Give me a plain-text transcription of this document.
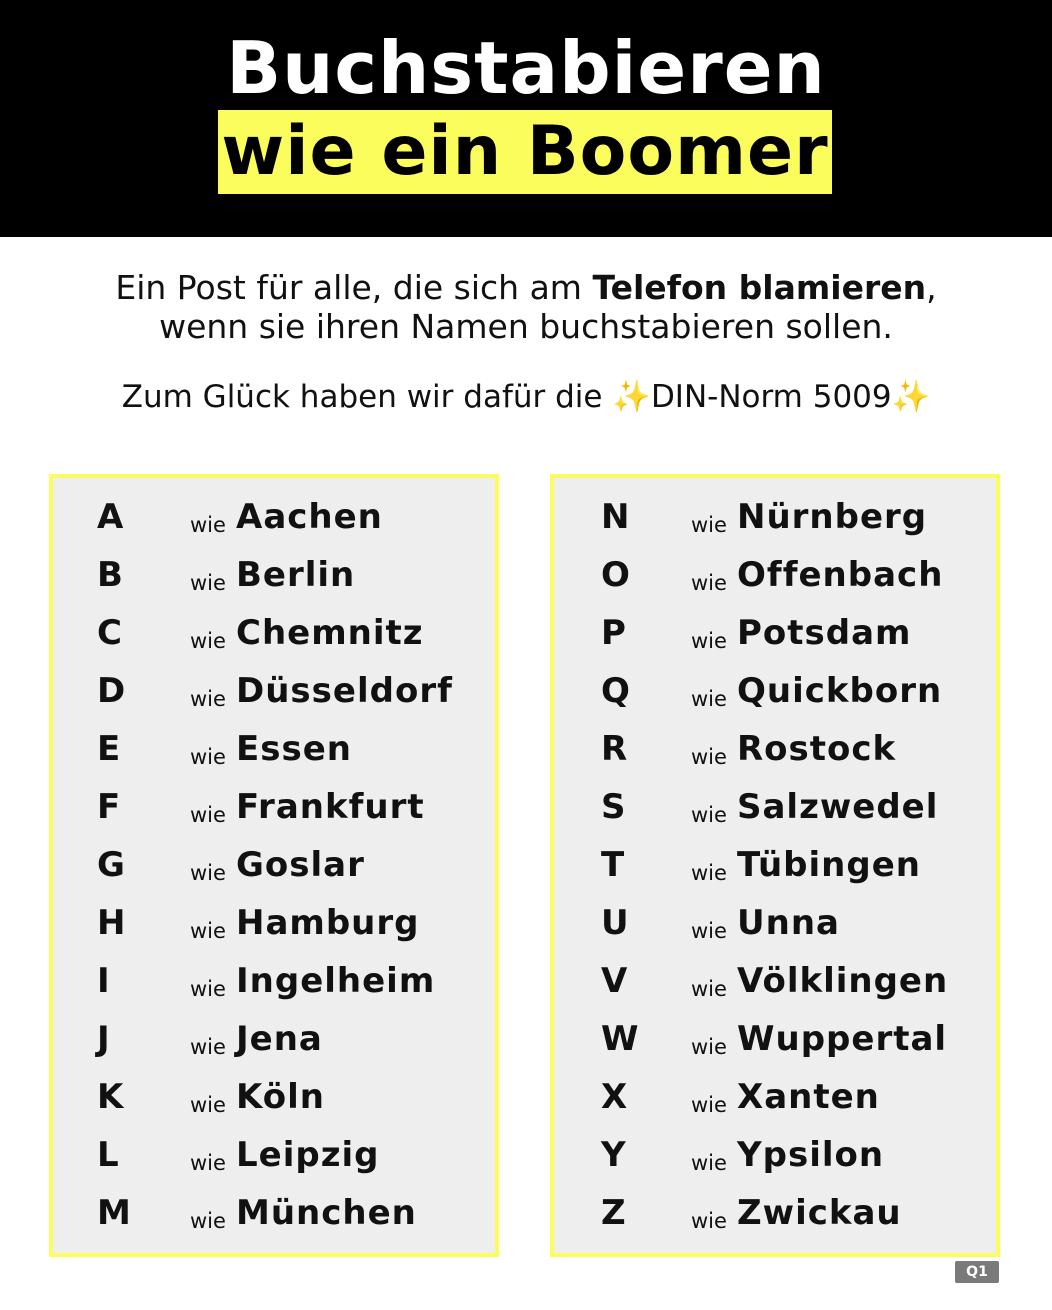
Buchstabieren
wie ein Boomer
Ein Post für alle, die sich am Telefon blamieren,
wenn sie ihren Namen buchstabieren sollen.
Zum Glück haben wir dafür die ✨DIN-Norm 5009✨
A	wie Aachen
B	wie Berlin
C	wie Chemnitz
D	wie Düsseldorf
E	wie Essen
F	wie Frankfurt
G	wie Goslar
H	wie Hamburg
I	wie Ingelheim
J	wie Jena
K	wie Köln
L	wie Leipzig
M	wie München
N	wie Nürnberg
O	wie Offenbach
P	wie Potsdam
Q	wie Quickborn
R	wie Rostock
S	wie Salzwedel
T	wie Tübingen
U	wie Unna
V	wie Völklingen
W wie Wuppertal
X	wie Xanten
Y	wie Ypsilon
Z	wie Zwickau
Q1
